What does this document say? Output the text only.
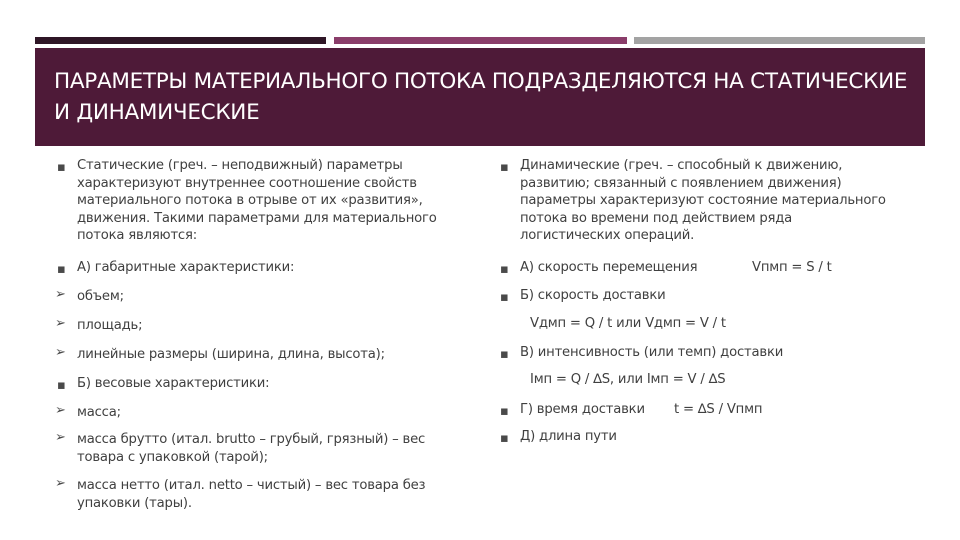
ПАРАМЕТРЫ МАТЕРИАЛЬНОГО ПОТОКА ПОДРАЗДЕЛЯЮТСЯ НА СТАТИЧЕСКИЕ И ДИНАМИЧЕСКИЕ
▪
Статические (греч. – неподвижный) параметры характеризуют внутреннее соотношение свойств материального потока в отрыве от их «развития», движения. Такими параметрами для материального потока являются:
▪
А) габаритные характеристики:
➢
объем;
➢
площадь;
➢
линейные размеры (ширина, длина, высота);
▪
Б) весовые характеристики:
➢
масса;
➢
масса брутто (итал. brutto – грубый, грязный) – вес товара с упаковкой (тарой);
➢
масса нетто (итал. netto – чистый) – вес товара без упаковки (тары).
▪
Динамические (греч. – способный к движению, развитию; связанный с появлением движения) параметры характеризуют состояние материального потока во времени под действием ряда логистических операций.
▪
А) скорость перемещения	Vпмп = S / t
▪
Б) скорость доставки
Vдмп = Q / t или Vдмп = V / t
▪
В) интенсивность (или темп) доставки
Iмп = Q / ∆S, или Iмп = V / ∆S
▪
Г) время доставки	t = ∆S / Vпмп
▪
Д) длина пути
